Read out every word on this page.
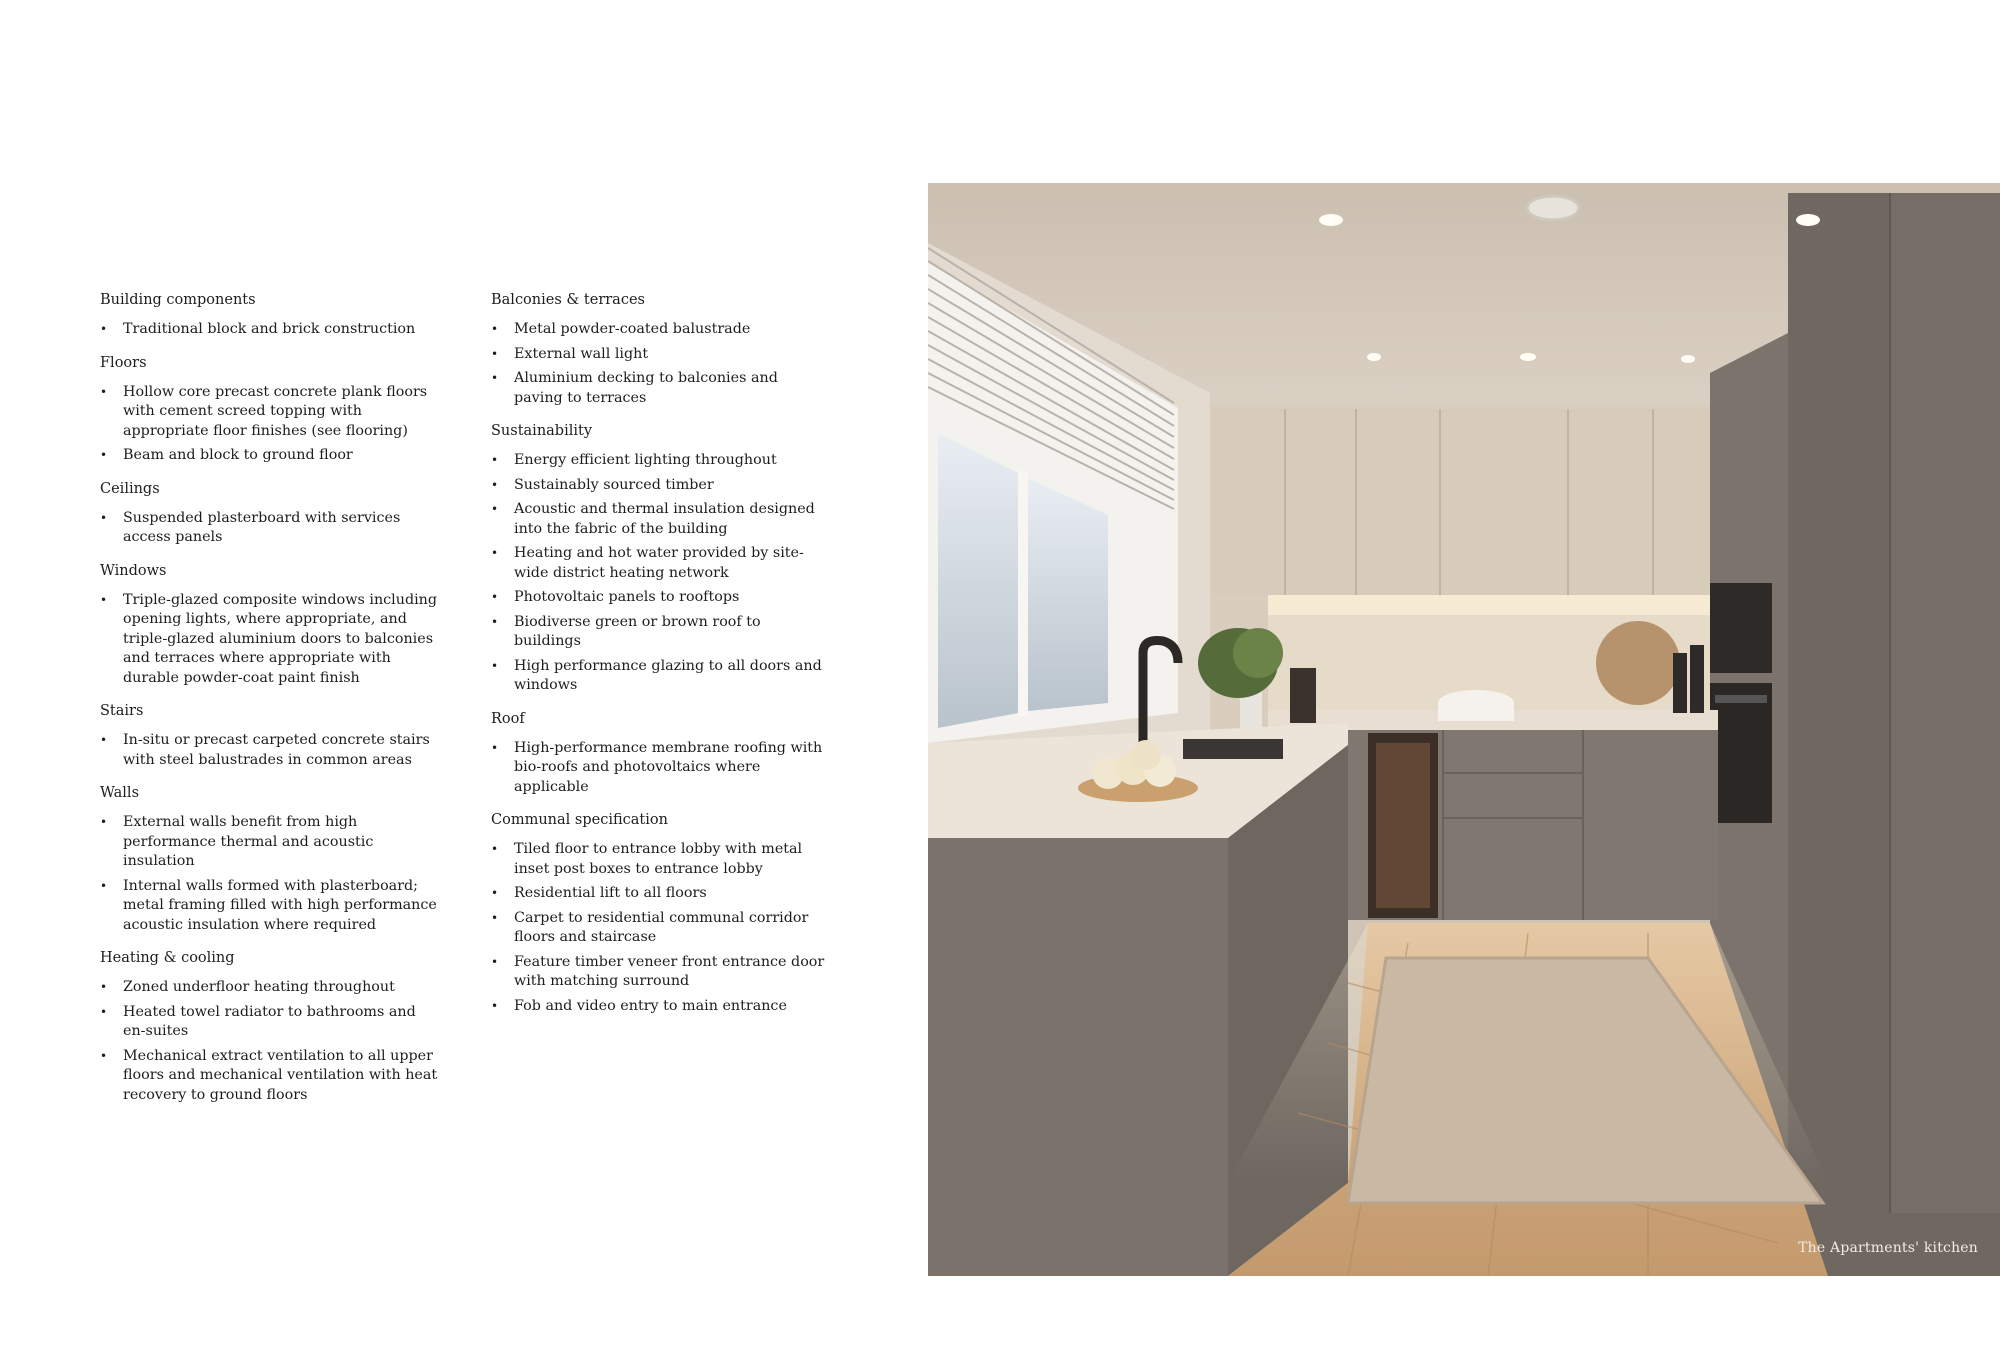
Building components
• Traditional block and brick construction
Floors
• Hollow core precast concrete plank floors with cement screed topping with appropriate floor finishes (see flooring)
• Beam and block to ground floor
Ceilings
• Suspended plasterboard with services access panels
Windows
• Triple-glazed composite windows including opening lights, where appropriate, and triple-glazed aluminium doors to balconies and terraces where appropriate with durable powder-coat paint finish
Stairs
• In-situ or precast carpeted concrete stairs with steel balustrades in common areas
Walls
• External walls benefit from high performance thermal and acoustic insulation
• Internal walls formed with plasterboard; metal framing filled with high performance acoustic insulation where required
Heating & cooling
• Zoned underfloor heating throughout
• Heated towel radiator to bathrooms and en-suites
• Mechanical extract ventilation to all upper floors and mechanical ventilation with heat recovery to ground floors
Balconies & terraces
• Metal powder-coated balustrade
• External wall light
• Aluminium decking to balconies and paving to terraces
Sustainability
• Energy efficient lighting throughout
• Sustainably sourced timber
• Acoustic and thermal insulation designed into the fabric of the building
• Heating and hot water provided by site-wide district heating network
• Photovoltaic panels to rooftops
• Biodiverse green or brown roof to buildings
• High performance glazing to all doors and windows
Roof
• High-performance membrane roofing with bio-roofs and photovoltaics where applicable
Communal specification
• Tiled floor to entrance lobby with metal inset post boxes to entrance lobby
• Residential lift to all floors
• Carpet to residential communal corridor floors and staircase
• Feature timber veneer front entrance door with matching surround
• Fob and video entry to main entrance
The Apartments' kitchen
